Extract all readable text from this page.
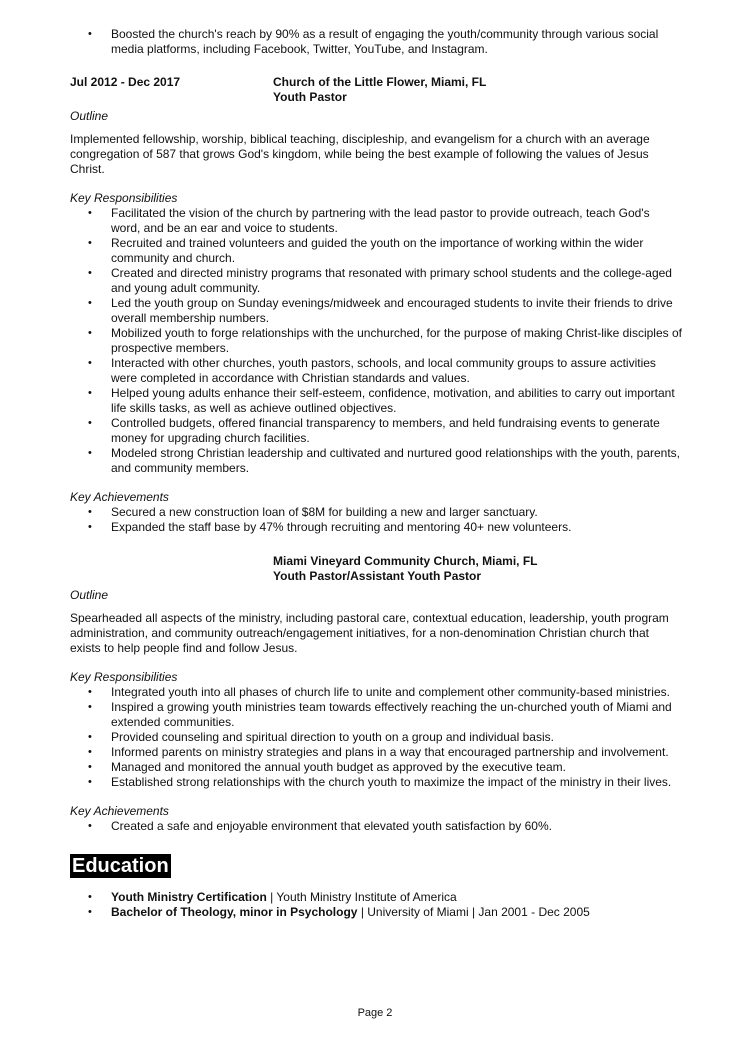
• Boosted the church's reach by 90% as a result of engaging the youth/community through various social media platforms, including Facebook, Twitter, YouTube, and Instagram.
Jul 2012 - Dec 2017	Church of the Little Flower, Miami, FL
Youth Pastor
Outline
Implemented fellowship, worship, biblical teaching, discipleship, and evangelism for a church with an average congregation of 587 that grows God's kingdom, while being the best example of following the values of Jesus Christ.
Key Responsibilities
• Facilitated the vision of the church by partnering with the lead pastor to provide outreach, teach God's word, and be an ear and voice to students.
• Recruited and trained volunteers and guided the youth on the importance of working within the wider community and church.
• Created and directed ministry programs that resonated with primary school students and the college-aged and young adult community.
• Led the youth group on Sunday evenings/midweek and encouraged students to invite their friends to drive overall membership numbers.
• Mobilized youth to forge relationships with the unchurched, for the purpose of making Christ-like disciples of prospective members.
• Interacted with other churches, youth pastors, schools, and local community groups to assure activities were completed in accordance with Christian standards and values.
• Helped young adults enhance their self-esteem, confidence, motivation, and abilities to carry out important life skills tasks, as well as achieve outlined objectives.
• Controlled budgets, offered financial transparency to members, and held fundraising events to generate money for upgrading church facilities.
• Modeled strong Christian leadership and cultivated and nurtured good relationships with the youth, parents, and community members.
Key Achievements
• Secured a new construction loan of $8M for building a new and larger sanctuary.
• Expanded the staff base by 47% through recruiting and mentoring 40+ new volunteers.
Miami Vineyard Community Church, Miami, FL
Youth Pastor/Assistant Youth Pastor
Outline
Spearheaded all aspects of the ministry, including pastoral care, contextual education, leadership, youth program administration, and community outreach/engagement initiatives, for a non-denomination Christian church that exists to help people find and follow Jesus.
Key Responsibilities
• Integrated youth into all phases of church life to unite and complement other community-based ministries.
• Inspired a growing youth ministries team towards effectively reaching the un-churched youth of Miami and extended communities.
• Provided counseling and spiritual direction to youth on a group and individual basis.
• Informed parents on ministry strategies and plans in a way that encouraged partnership and involvement.
• Managed and monitored the annual youth budget as approved by the executive team.
• Established strong relationships with the church youth to maximize the impact of the ministry in their lives.
Key Achievements
• Created a safe and enjoyable environment that elevated youth satisfaction by 60%.
Education
• Youth Ministry Certification | Youth Ministry Institute of America
• Bachelor of Theology, minor in Psychology | University of Miami | Jan 2001 - Dec 2005
Page 2
